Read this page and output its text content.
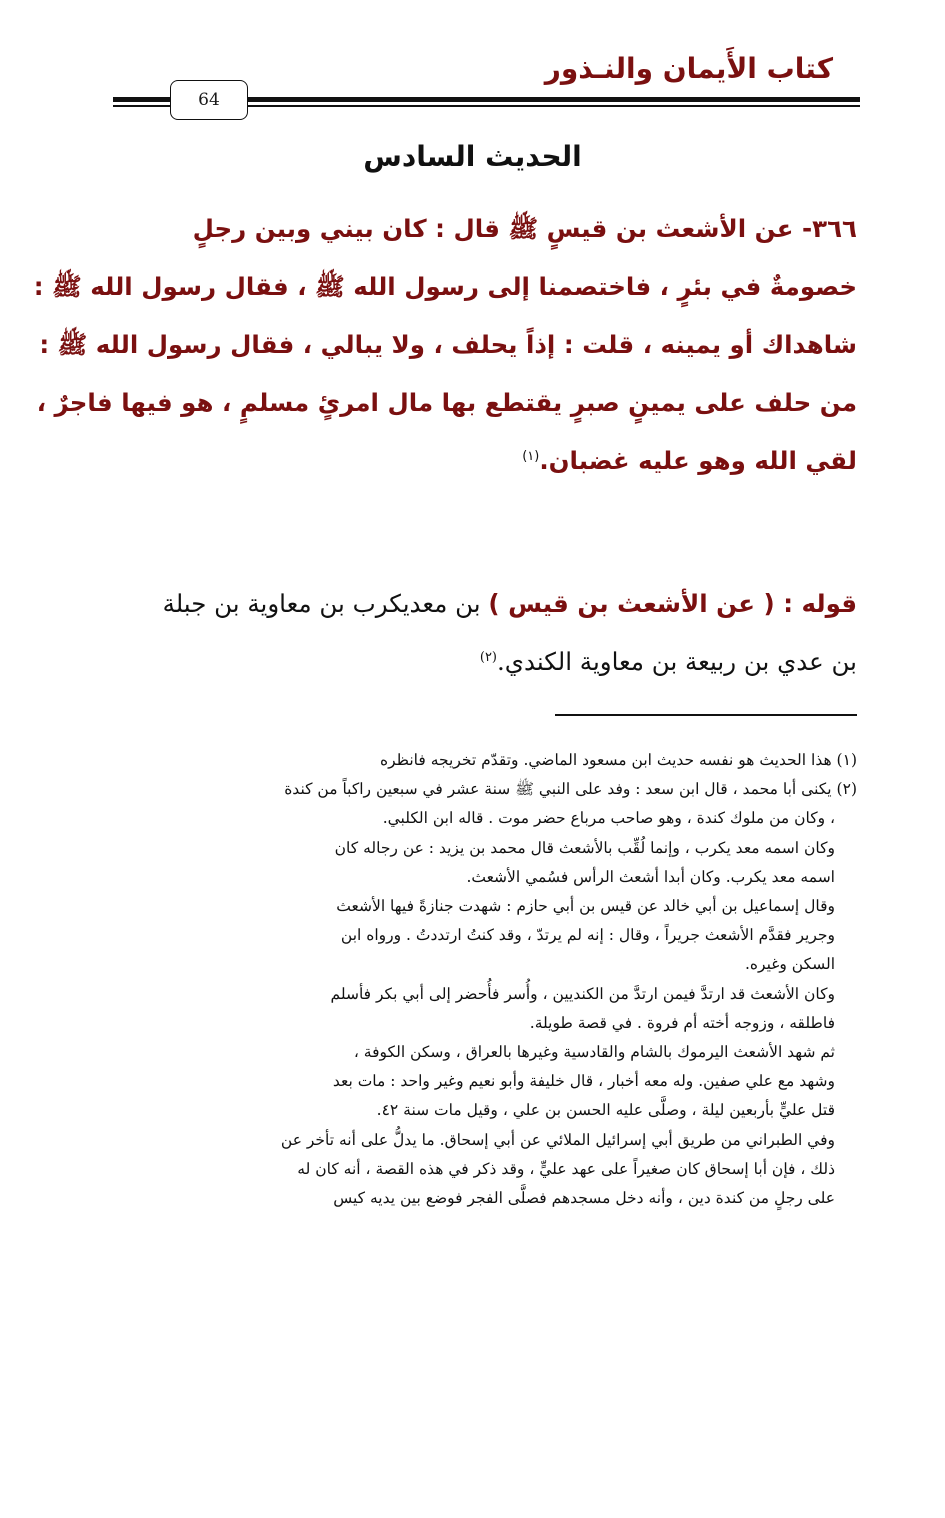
كتاب الأَيمان والنـذور
64
الحديث السادس
٣٦٦- عن الأشعث بن قيسٍ ﷺ قال : كان بيني وبين رجلٍ
خصومةٌ في بئرٍ ، فاختصمنا إلى رسول الله ﷺ ، فقال رسول الله ﷺ :
شاهداك أو يمينه ، قلت : إذاً يحلف ، ولا يبالي ، فقال رسول الله ﷺ :
من حلف على يمينٍ صبرٍ يقتطع بها مال امرئٍ مسلمٍ ، هو فيها فاجرٌ ،
لقي الله وهو عليه غضبان.$^{(١)}$
قوله : ( عن الأشعث بن قيس ) بن معديكرب بن معاوية بن جبلة
بن عدي بن ربيعة بن معاوية الكندي.$^{(٢)}$
(١) هذا الحديث هو نفسه حديث ابن مسعود الماضي. وتقدّم تخريجه فانظره
(٢) يكنى أبا محمد ، قال ابن سعد : وفد على النبي ﷺ سنة عشر في سبعين راكباً من كندة
، وكان من ملوك كندة ، وهو صاحب مرباع حضر موت . قاله ابن الكلبي.
وكان اسمه معد يكرب ، وإنما لُقِّب بالأشعث قال محمد بن يزيد : عن رجاله كان
اسمه معد يكرب. وكان أبدا أشعث الرأس فسُمي الأشعث.
وقال إسماعيل بن أبي خالد عن قيس بن أبي حازم : شهدت جنازةً فيها الأشعث
وجرير فقدَّم الأشعث جريراً ، وقال : إنه لم يرتدّ ، وقد كنتُ ارتددتُ . ورواه ابن
السكن وغيره.
وكان الأشعث قد ارتدَّ فيمن ارتدَّ من الكنديين ، وأُسر فأُحضر إلى أبي بكر فأسلم
فاطلقه ، وزوجه أخته أم فروة . في قصة طويلة.
ثم شهد الأشعث اليرموك بالشام والقادسية وغيرها بالعراق ، وسكن الكوفة ،
وشهد مع علي صفين. وله معه أخبار ، قال خليفة وأبو نعيم وغير واحد : مات بعد
قتل عليٍّ بأربعين ليلة ، وصلَّى عليه الحسن بن علي ، وقيل مات سنة ٤٢.
وفي الطبراني من طريق أبي إسرائيل الملائي عن أبي إسحاق. ما يدلُّ على أنه تأخر عن
ذلك ، فإن أبا إسحاق كان صغيراً على عهد عليٍّ ، وقد ذكر في هذه القصة ، أنه كان له
على رجلٍ من كندة دين ، وأنه دخل مسجدهم فصلَّى الفجر فوضع بين يديه كيس
